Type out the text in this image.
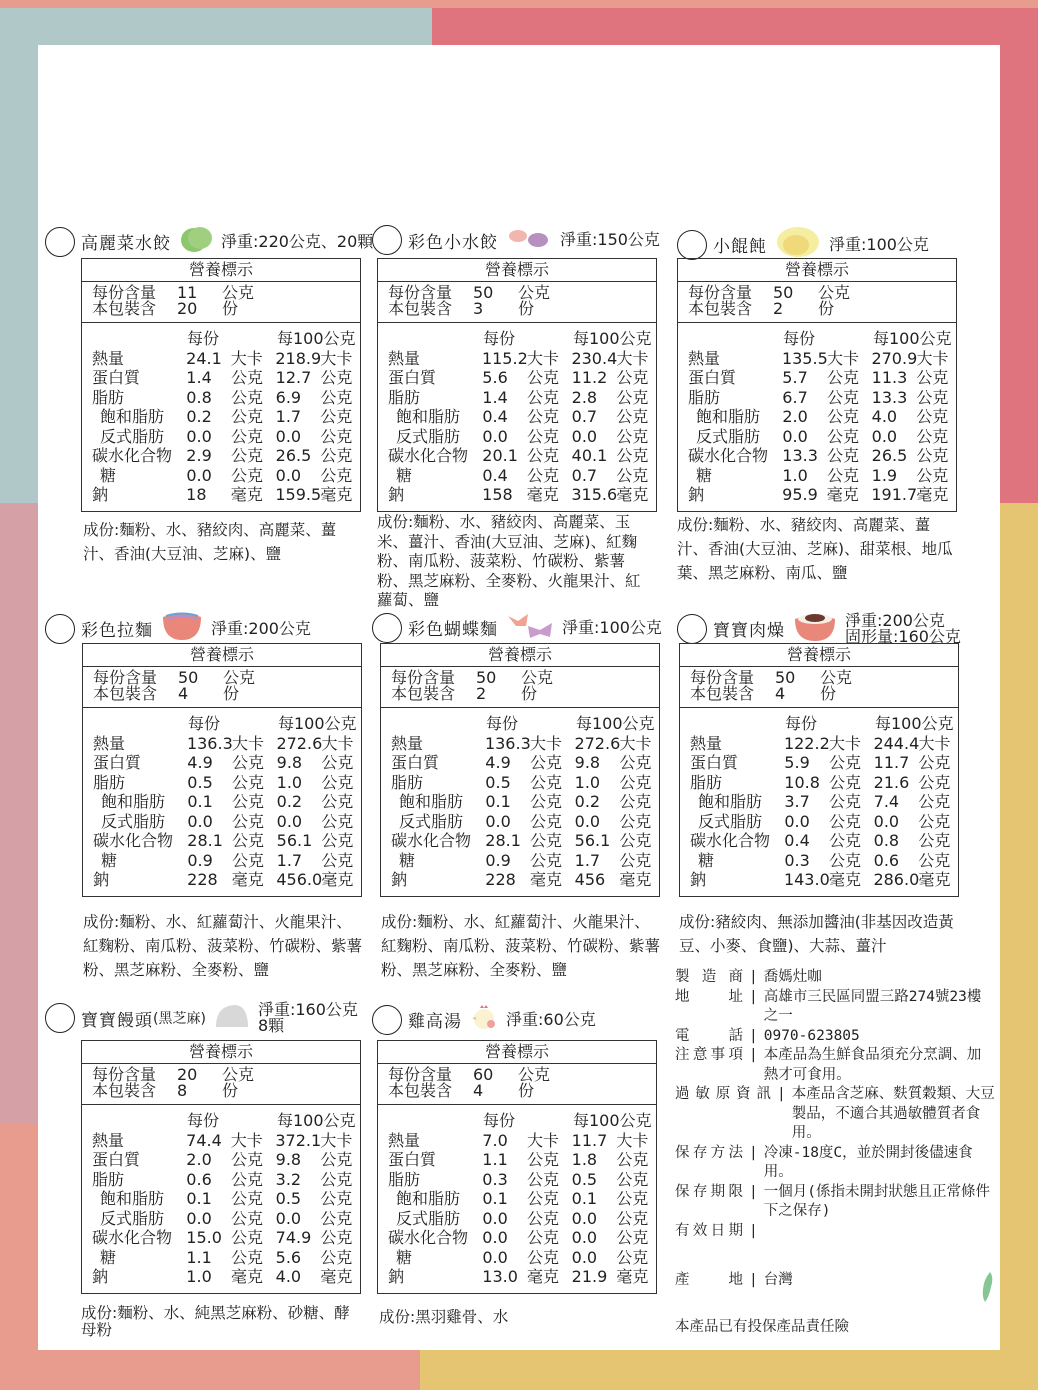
高麗菜水餃	淨重:220公克、20顆
營養標示
每份含量	11	公克
本包裝含	20	份
每份	每100公克
熱量	24.1 大卡 218.9 大卡
蛋白質	1.4	公克 12.7 公克
脂肪	0.8	公克 6.9	公克
飽和脂肪	0.2	公克 1.7	公克
反式脂肪	0.0	公克 0.0	公克
碳水化合物 2.9	公克 26.5 公克
糖	0.0	公克 0.0	公克
鈉	18	毫克 159.5 毫克
彩色小水餃	淨重:150公克
營養標示
每份含量	50	公克
本包裝含	3	份
每份	每100公克
熱量	115.2 大卡 230.4 大卡
蛋白質	5.6	公克 11.2 公克
脂肪	1.4	公克 2.8	公克
飽和脂肪	0.4	公克 0.7	公克
反式脂肪	0.0	公克 0.0	公克
碳水化合物 20.1 公克 40.1 公克
糖	0.4	公克 0.7	公克
鈉	158 毫克 315.6 毫克
小餛飩	淨重:100公克
營養標示
每份含量	50	公克
本包裝含	2	份
每份	每100公克
熱量	135.5 大卡 270.9 大卡
蛋白質	5.7	公克 11.3 公克
脂肪	6.7	公克 13.3 公克
飽和脂肪	2.0	公克 4.0	公克
反式脂肪	0.0	公克 0.0	公克
碳水化合物 13.3 公克 26.5 公克
糖	1.0	公克 1.9	公克
鈉	95.9 毫克 191.7 毫克
彩色拉麵	淨重:200公克
營養標示
每份含量	50	公克
本包裝含	4	份
每份	每100公克
熱量	136.3 大卡 272.6 大卡
蛋白質	4.9	公克 9.8	公克
脂肪	0.5	公克 1.0	公克
飽和脂肪	0.1	公克 0.2	公克
反式脂肪	0.0	公克 0.0	公克
碳水化合物 28.1 公克 56.1 公克
糖	0.9	公克 1.7	公克
鈉	228 毫克 456.0 毫克
彩色蝴蝶麵	淨重:100公克
營養標示
每份含量	50	公克
本包裝含	2	份
每份	每100公克
熱量	136.3 大卡 272.6 大卡
蛋白質	4.9	公克 9.8	公克
脂肪	0.5	公克 1.0	公克
飽和脂肪	0.1	公克 0.2	公克
反式脂肪	0.0	公克 0.0	公克
碳水化合物 28.1 公克 56.1 公克
糖	0.9	公克 1.7	公克
鈉	228 毫克 456 毫克
寶寶肉燥
淨重:200公克
固形量:160公克
營養標示
每份含量	50	公克
本包裝含	4	份
每份	每100公克
熱量	122.2 大卡 244.4 大卡
蛋白質	5.9	公克 11.7 公克
脂肪	10.8 公克 21.6 公克
飽和脂肪	3.7	公克 7.4	公克
反式脂肪	0.0	公克 0.0	公克
碳水化合物 0.4	公克 0.8	公克
糖	0.3	公克 0.6	公克
鈉	143.0 毫克 286.0 毫克
寶寶饅頭 (黑芝麻)	淨重:160公克
8顆
營養標示
每份含量	20	公克
本包裝含	8	份
每份	每100公克
熱量	74.4 大卡 372.1 大卡
蛋白質	2.0	公克 9.8	公克
脂肪	0.6	公克 3.2	公克
飽和脂肪	0.1	公克 0.5	公克
反式脂肪	0.0	公克 0.0	公克
碳水化合物 15.0 公克 74.9 公克
糖	1.1	公克 5.6	公克
鈉	1.0	毫克 4.0	毫克
雞高湯	淨重:60公克
營養標示
每份含量	60	公克
本包裝含	4	份
每份	每100公克
熱量	7.0	大卡 11.7 大卡
蛋白質	1.1	公克 1.8	公克
脂肪	0.3	公克 0.5	公克
飽和脂肪	0.1	公克 0.1	公克
反式脂肪	0.0	公克 0.0	公克
碳水化合物 0.0	公克 0.0	公克
糖	0.0	公克 0.0	公克
鈉	13.0 毫克 21.9 毫克
成份:麵粉、水、豬絞肉、高麗菜、薑汁、香油(大豆油、芝麻)、鹽
成份:麵粉、水、豬絞肉、高麗菜、玉米、薑汁、香油(大豆油、芝麻)、紅麴粉、南瓜粉、菠菜粉、竹碳粉、紫薯粉、黑芝麻粉、全麥粉、火龍果汁、紅蘿蔔、鹽
成份:麵粉、水、豬絞肉、高麗菜、薑汁、香油(大豆油、芝麻)、甜菜根、地瓜葉、黑芝麻粉、南瓜、鹽
成份:麵粉、水、紅蘿蔔汁、火龍果汁、紅麴粉、南瓜粉、菠菜粉、竹碳粉、紫薯粉、黑芝麻粉、全麥粉、鹽
成份:麵粉、水、紅蘿蔔汁、火龍果汁、紅麴粉、南瓜粉、菠菜粉、竹碳粉、紫薯粉、黑芝麻粉、全麥粉、鹽
成份:豬絞肉、無添加醬油(非基因改造黃豆、小麥、食鹽)、大蒜、薑汁
成份:麵粉、水、純黑芝麻粉、砂糖、酵母粉
成份:黑羽雞骨、水
製造商 | 喬媽灶咖
地址 | 高雄市三民區同盟三路274號23樓之一
電話 | 0970-623805
注意事項 | 本產品為生鮮食品須充分烹調、加熱才可食用。
過敏原資訊 | 本產品含芝麻、麩質穀類、大豆製品，不適合其過敏體質者食用。
保存方法 | 冷凍-18度C，並於開封後儘速食用。
保存期限 | 一個月(係指未開封狀態且正常條件下之保存)
有效日期 |
產地 | 台灣
本產品已有投保產品責任險
